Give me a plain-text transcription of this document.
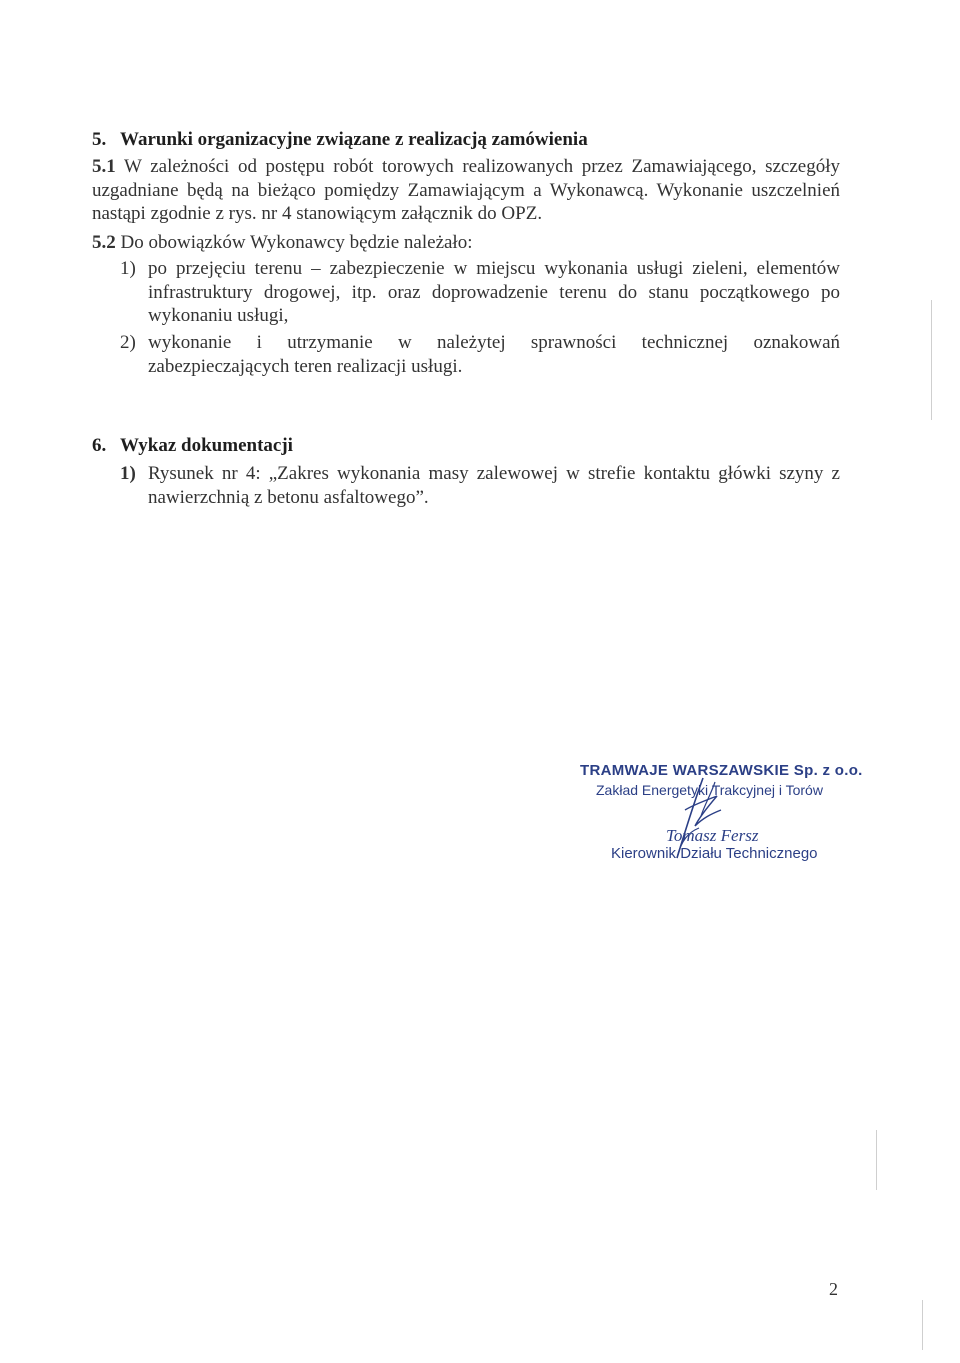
5. Warunki organizacyjne związane z realizacją zamówienia
5.1 W zależności od postępu robót torowych realizowanych przez Zamawiającego, szczegóły uzgadniane będą na bieżąco pomiędzy Zamawiającym a Wykonawcą. Wykonanie uszczelnień nastąpi zgodnie z rys. nr 4 stanowiącym załącznik do OPZ.
5.2 Do obowiązków Wykonawcy będzie należało:
1) po przejęciu terenu – zabezpieczenie w miejscu wykonania usługi zieleni, elementów infrastruktury drogowej, itp. oraz doprowadzenie terenu do stanu początkowego po wykonaniu usługi,
2) wykonanie i utrzymanie w należytej sprawności technicznej oznakowań zabezpieczających teren realizacji usługi.
6. Wykaz dokumentacji
1) Rysunek nr 4: „Zakres wykonania masy zalewowej w strefie kontaktu główki szyny z nawierzchnią z betonu asfaltowego”.
TRAMWAJE WARSZAWSKIE Sp. z o.o.
Zakład Energetyki Trakcyjnej i Torów
Tomasz Fersz
Kierownik Działu Technicznego
2
